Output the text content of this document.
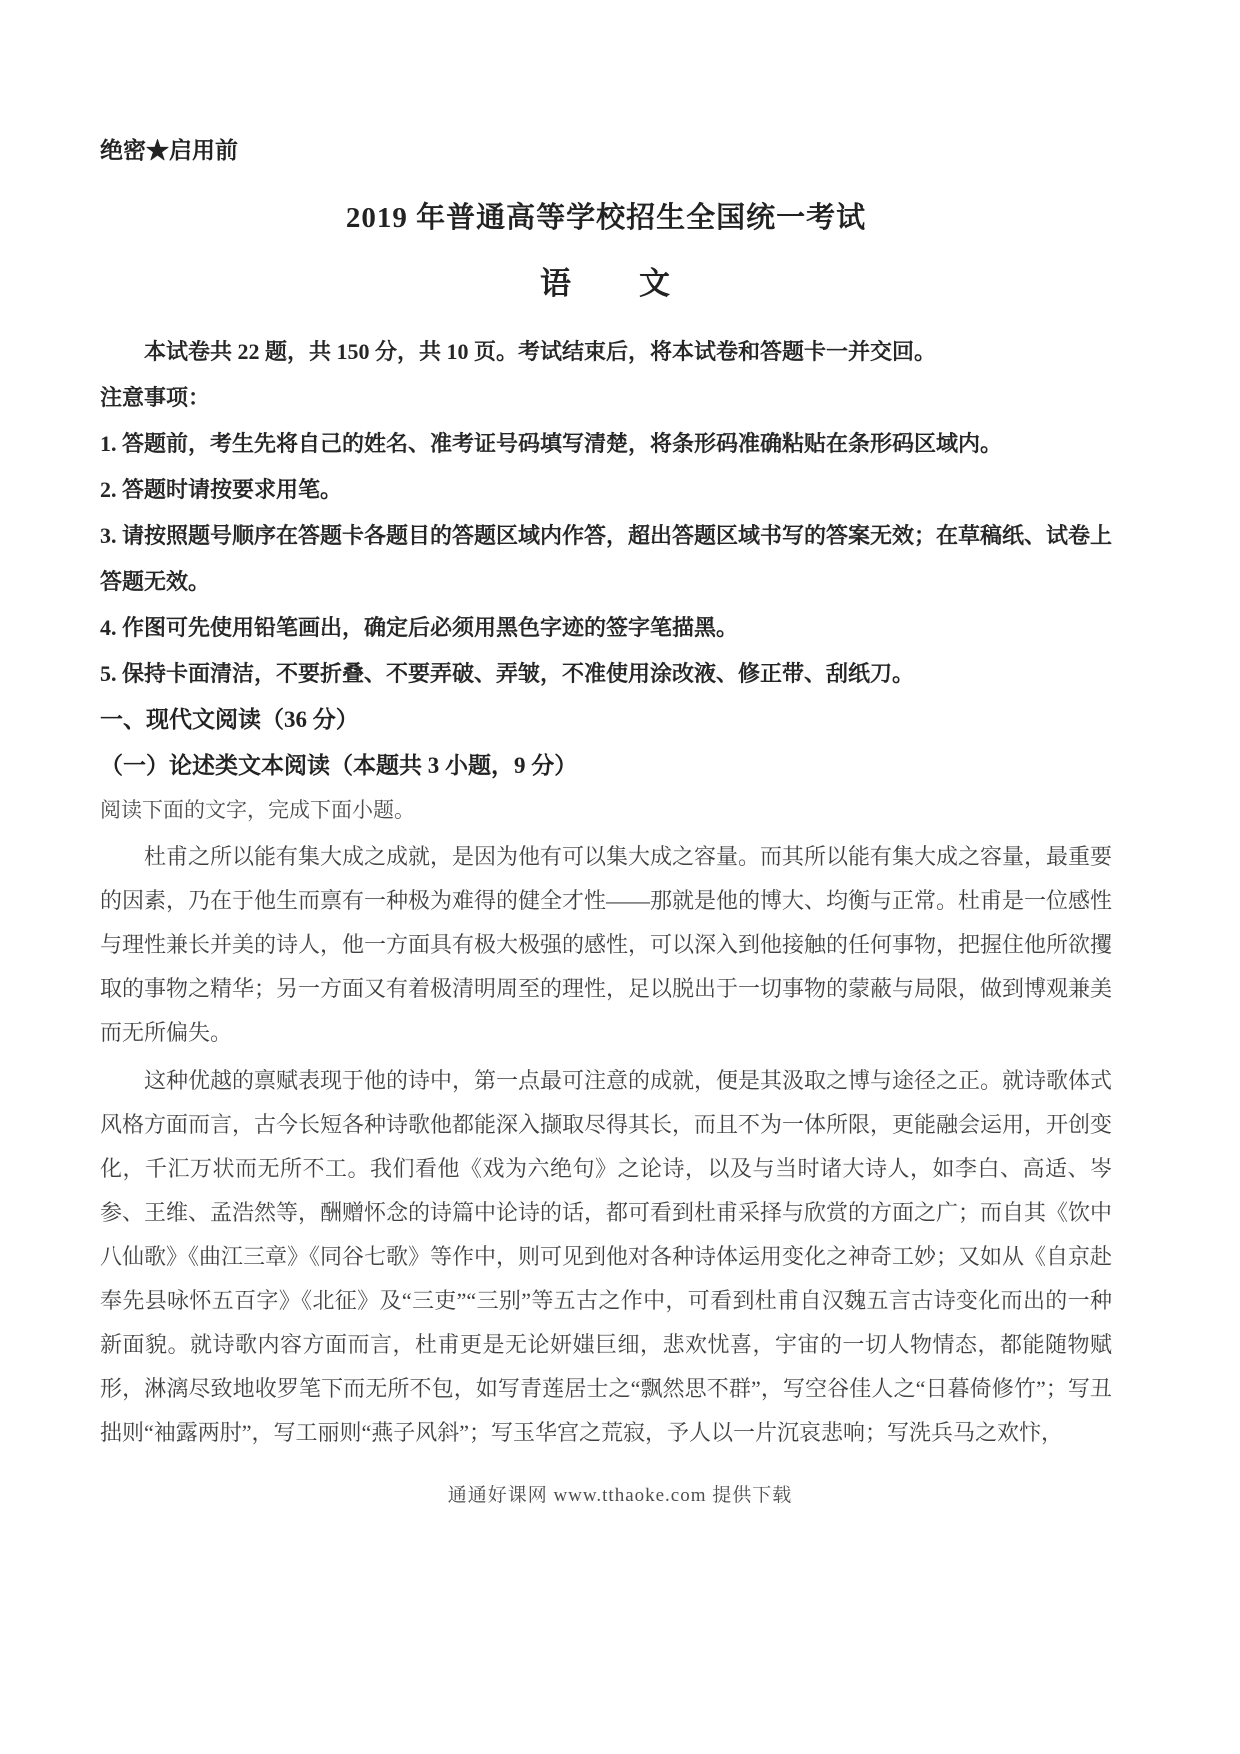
绝密★启用前
2019 年普通高等学校招生全国统一考试
语　　文

本试卷共 22 题，共 150 分，共 10 页。考试结束后，将本试卷和答题卡一并交回。

注意事项：
1. 答题前，考生先将自己的姓名、准考证号码填写清楚，将条形码准确粘贴在条形码区域内。
2. 答题时请按要求用笔。
3. 请按照题号顺序在答题卡各题目的答题区域内作答，超出答题区域书写的答案无效；在草稿纸、试卷上答题无效。
4. 作图可先使用铅笔画出，确定后必须用黑色字迹的签字笔描黑。
5. 保持卡面清洁，不要折叠、不要弄破、弄皱，不准使用涂改液、修正带、刮纸刀。
一、现代文阅读（36 分）
（一）论述类文本阅读（本题共 3 小题，9 分）
阅读下面的文字，完成下面小题。

杜甫之所以能有集大成之成就，是因为他有可以集大成之容量。而其所以能有集大成之容量，最重要的因素，乃在于他生而禀有一种极为难得的健全才性——那就是他的博大、均衡与正常。杜甫是一位感性与理性兼长并美的诗人，他一方面具有极大极强的感性，可以深入到他接触的任何事物，把握住他所欲攫取的事物之精华；另一方面又有着极清明周至的理性，足以脱出于一切事物的蒙蔽与局限，做到博观兼美而无所偏失。

这种优越的禀赋表现于他的诗中，第一点最可注意的成就，便是其汲取之博与途径之正。就诗歌体式风格方面而言，古今长短各种诗歌他都能深入撷取尽得其长，而且不为一体所限，更能融会运用，开创变化，千汇万状而无所不工。我们看他《戏为六绝句》之论诗，以及与当时诸大诗人，如李白、高适、岑参、王维、孟浩然等，酬赠怀念的诗篇中论诗的话，都可看到杜甫采择与欣赏的方面之广；而自其《饮中八仙歌》《曲江三章》《同谷七歌》等作中，则可见到他对各种诗体运用变化之神奇工妙；又如从《自京赴奉先县咏怀五百字》《北征》及“三吏”“三别”等五古之作中，可看到杜甫自汉魏五言古诗变化而出的一种新面貌。就诗歌内容方面而言，杜甫更是无论妍媸巨细，悲欢忧喜，宇宙的一切人物情态，都能随物赋形，淋漓尽致地收罗笔下而无所不包，如写青莲居士之“飘然思不群”，写空谷佳人之“日暮倚修竹”；写丑拙则“袖露两肘”，写工丽则“燕子风斜”；写玉华宫之荒寂，予人以一片沉哀悲响；写洗兵马之欢忭，

通通好课网 www.tthaoke.com 提供下载
